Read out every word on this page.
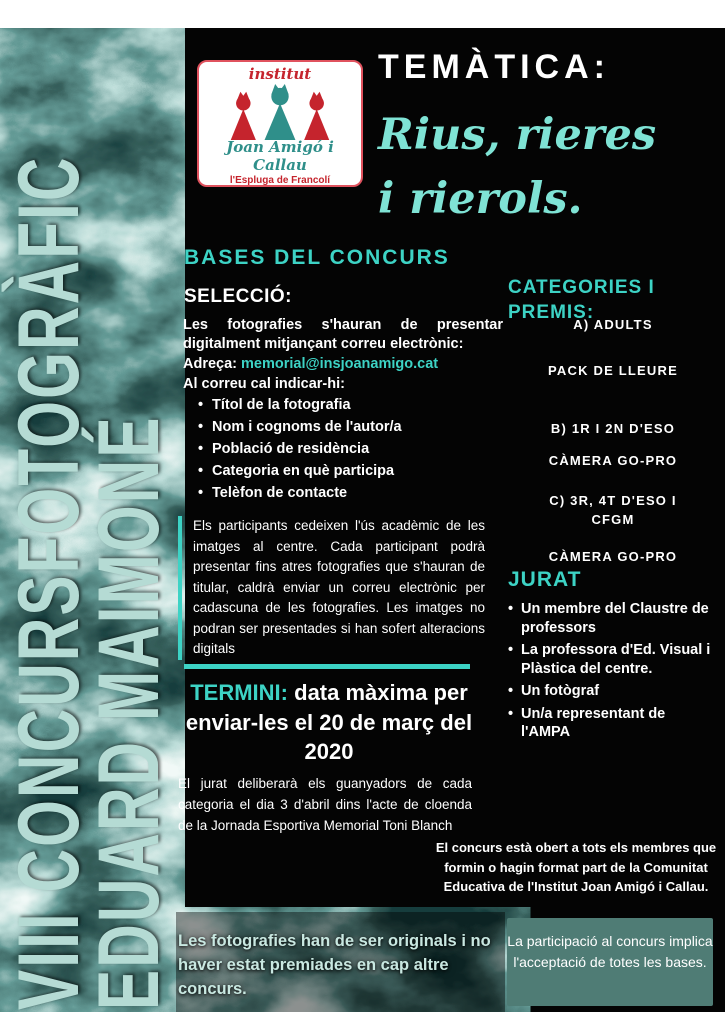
VIII CONCURSFOTOGRÀFIC
EDUARD MAIMONÉ
institut
Joan Amigó i Callau
l'Espluga de Francolí
TEMÀTICA:
Rius, rieres
i rierols.
BASES DEL CONCURS
SELECCIÓ:
Les fotografies s'hauran de presentar digitalment mitjançant correu electrònic:
Adreça: memorial@insjoanamigo.cat
Al correu cal indicar-hi:
• Títol de la fotografia
• Nom i cognoms de l'autor/a
• Població de residència
• Categoria en què participa
• Telèfon de contacte
Els participants cedeixen l'ús acadèmic de les imatges al centre. Cada participant podrà presentar fins atres fotografies que s'hauran de titular, caldrà enviar un correu electrònic per cadascuna de les fotografies. Les imatges no podran ser presentades si han sofert alteracions digitals
TERMINI: data màxima per enviar-les el 20 de març del 2020
El jurat deliberarà els guanyadors de cada categoria el dia 3 d'abril dins l'acte de cloenda de la Jornada Esportiva Memorial Toni Blanch
CATEGORIES I PREMIS:
A) ADULTS
PACK DE LLEURE
B) 1R I 2N D'ESO
CÀMERA GO-PRO
C) 3R, 4T D'ESO I CFGM
CÀMERA GO-PRO
JURAT
• Un membre del Claustre de professors
• La professora d'Ed. Visual i Plàstica del centre.
• Un fotògraf
• Un/a representant de l'AMPA
El concurs està obert a tots els membres que formin o hagin format part de la Comunitat Educativa de l'Institut Joan Amigó i Callau.
Les fotografies han de ser originals i no haver estat premiades en cap altre concurs.
La participació al concurs implica l'acceptació de totes les bases.
